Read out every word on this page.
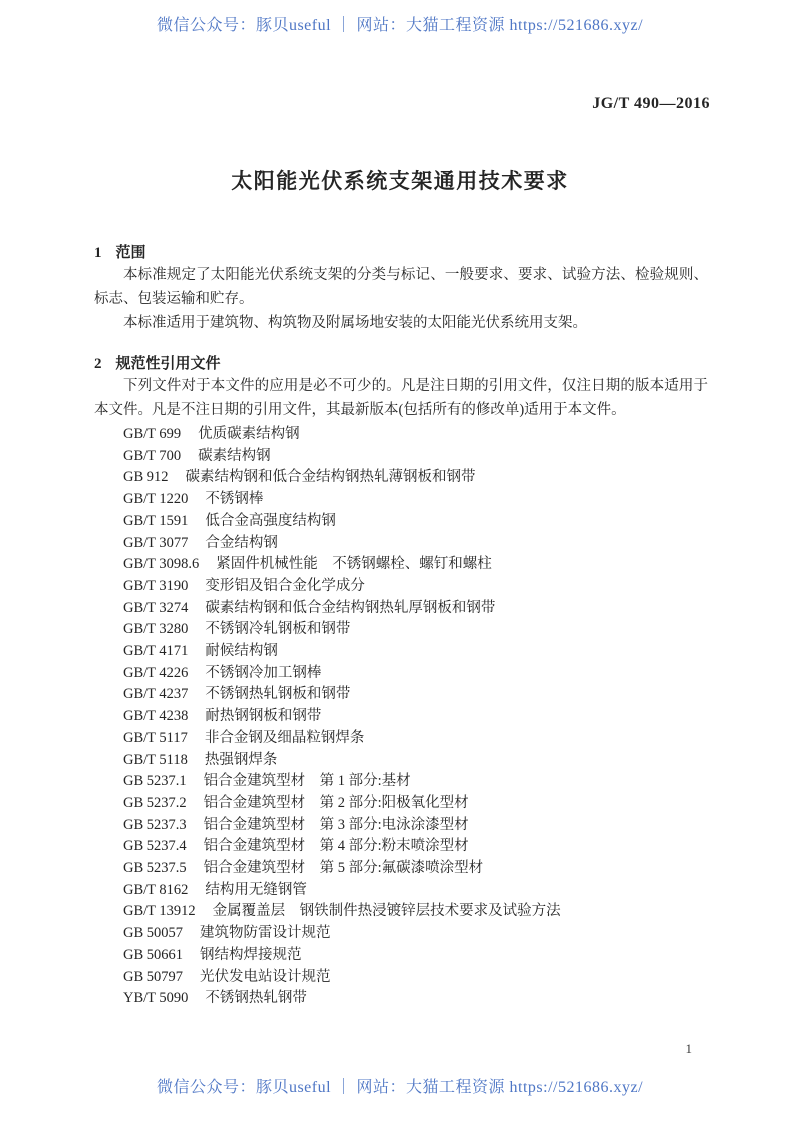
微信公众号：豚贝useful ｜ 网站：大猫工程资源 https://521686.xyz/
JG/T 490—2016
太阳能光伏系统支架通用技术要求
1 范围

本标准规定了太阳能光伏系统支架的分类与标记、一般要求、要求、试验方法、检验规则、标志、包装运输和贮存。

本标准适用于建筑物、构筑物及附属场地安装的太阳能光伏系统用支架。

2 规范性引用文件

下列文件对于本文件的应用是必不可少的。凡是注日期的引用文件，仅注日期的版本适用于本文件。凡是不注日期的引用文件，其最新版本(包括所有的修改单)适用于本文件。

GB/T 699 优质碳素结构钢
GB/T 700 碳素结构钢
GB 912 碳素结构钢和低合金结构钢热轧薄钢板和钢带
GB/T 1220 不锈钢棒
GB/T 1591 低合金高强度结构钢
GB/T 3077 合金结构钢
GB/T 3098.6 紧固件机械性能　不锈钢螺栓、螺钉和螺柱
GB/T 3190 变形铝及铝合金化学成分
GB/T 3274 碳素结构钢和低合金结构钢热轧厚钢板和钢带
GB/T 3280 不锈钢冷轧钢板和钢带
GB/T 4171 耐候结构钢
GB/T 4226 不锈钢冷加工钢棒
GB/T 4237 不锈钢热轧钢板和钢带
GB/T 4238 耐热钢钢板和钢带
GB/T 5117 非合金钢及细晶粒钢焊条
GB/T 5118 热强钢焊条
GB 5237.1 铝合金建筑型材　第 1 部分:基材
GB 5237.2 铝合金建筑型材　第 2 部分:阳极氧化型材
GB 5237.3 铝合金建筑型材　第 3 部分:电泳涂漆型材
GB 5237.4 铝合金建筑型材　第 4 部分:粉末喷涂型材
GB 5237.5 铝合金建筑型材　第 5 部分:氟碳漆喷涂型材
GB/T 8162 结构用无缝钢管
GB/T 13912 金属覆盖层　钢铁制件热浸镀锌层技术要求及试验方法
GB 50057 建筑物防雷设计规范
GB 50661 钢结构焊接规范
GB 50797 光伏发电站设计规范
YB/T 5090 不锈钢热轧钢带
1
微信公众号：豚贝useful ｜ 网站：大猫工程资源 https://521686.xyz/
